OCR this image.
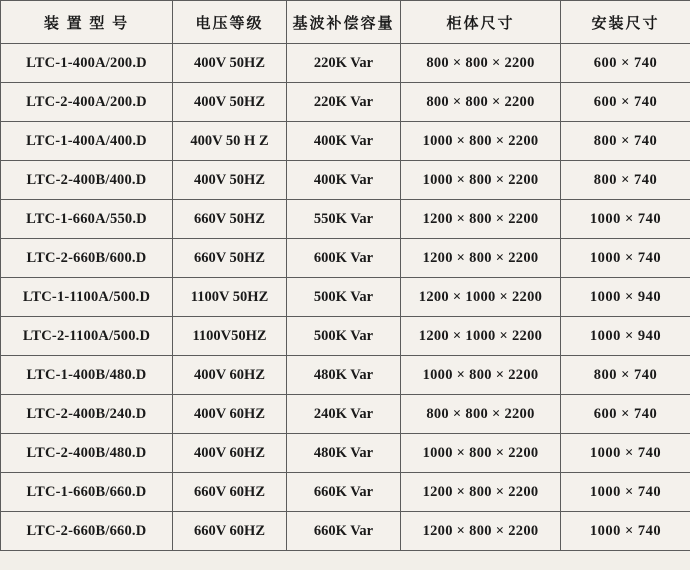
装 置 型 号	电压等级	基波补偿容量	柜体尺寸	安装尺寸
LTC-1-400A/200.D	400V 50HZ	220K Var	800 × 800 × 2200	600 × 740
LTC-2-400A/200.D	400V 50HZ	220K Var	800 × 800 × 2200	600 × 740
LTC-1-400A/400.D	400V 50 H Z	400K Var	1000 × 800 × 2200	800 × 740
LTC-2-400B/400.D	400V 50HZ	400K Var	1000 × 800 × 2200	800 × 740
LTC-1-660A/550.D	660V 50HZ	550K Var	1200 × 800 × 2200	1000 × 740
LTC-2-660B/600.D	660V 50HZ	600K Var	1200 × 800 × 2200	1000 × 740
LTC-1-1100A/500.D	1100V 50HZ	500K Var	1200 × 1000 × 2200	1000 × 940
LTC-2-1100A/500.D	1100V50HZ	500K Var	1200 × 1000 × 2200	1000 × 940
LTC-1-400B/480.D	400V 60HZ	480K Var	1000 × 800 × 2200	800 × 740
LTC-2-400B/240.D	400V 60HZ	240K Var	800 × 800 × 2200	600 × 740
LTC-2-400B/480.D	400V 60HZ	480K Var	1000 × 800 × 2200	1000 × 740
LTC-1-660B/660.D	660V 60HZ	660K Var	1200 × 800 × 2200	1000 × 740
LTC-2-660B/660.D	660V 60HZ	660K Var	1200 × 800 × 2200	1000 × 740
